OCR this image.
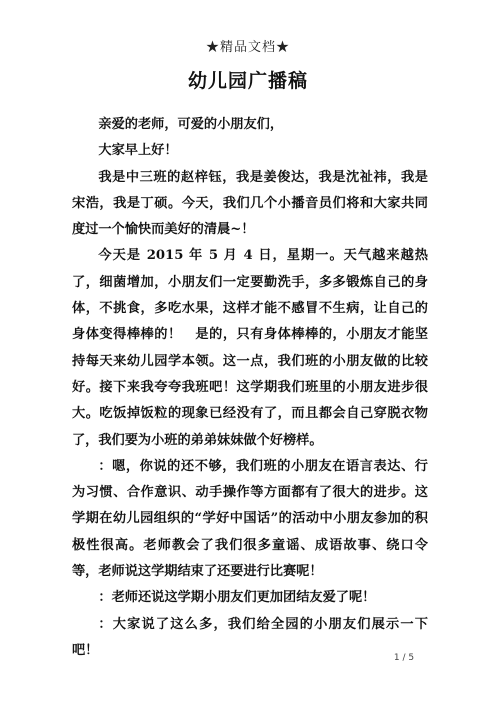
★精品文档★
幼儿园广播稿

亲爱的老师，可爱的小朋友们，

大家早上好！

我是中三班的赵梓钰，我是姜俊达，我是沈祉祎，我是宋浩，我是丁硕。今天，我们几个小播音员们将和大家共同度过一个愉快而美好的清晨~！

今天是 2015 年 5 月 4 日，星期一。天气越来越热了，细菌增加，小朋友们一定要勤洗手，多多锻炼自己的身体，不挑食，多吃水果，这样才能不感冒不生病，让自己的身体变得棒棒的！　是的，只有身体棒棒的，小朋友才能坚持每天来幼儿园学本领。这一点，我们班的小朋友做的比较好。接下来我夸夸我班吧！这学期我们班里的小朋友进步很大。吃饭掉饭粒的现象已经没有了，而且都会自己穿脱衣物了，我们要为小班的弟弟妹妹做个好榜样。

：嗯，你说的还不够，我们班的小朋友在语言表达、行为习惯、合作意识、动手操作等方面都有了很大的进步。这学期在幼儿园组织的“学好中国话”的活动中小朋友参加的积极性很高。老师教会了我们很多童谣、成语故事、绕口令等，老师说这学期结束了还要进行比赛呢！

：老师还说这学期小朋友们更加团结友爱了呢！

：大家说了这么多，我们给全园的小朋友们展示一下吧！

1 / 5
